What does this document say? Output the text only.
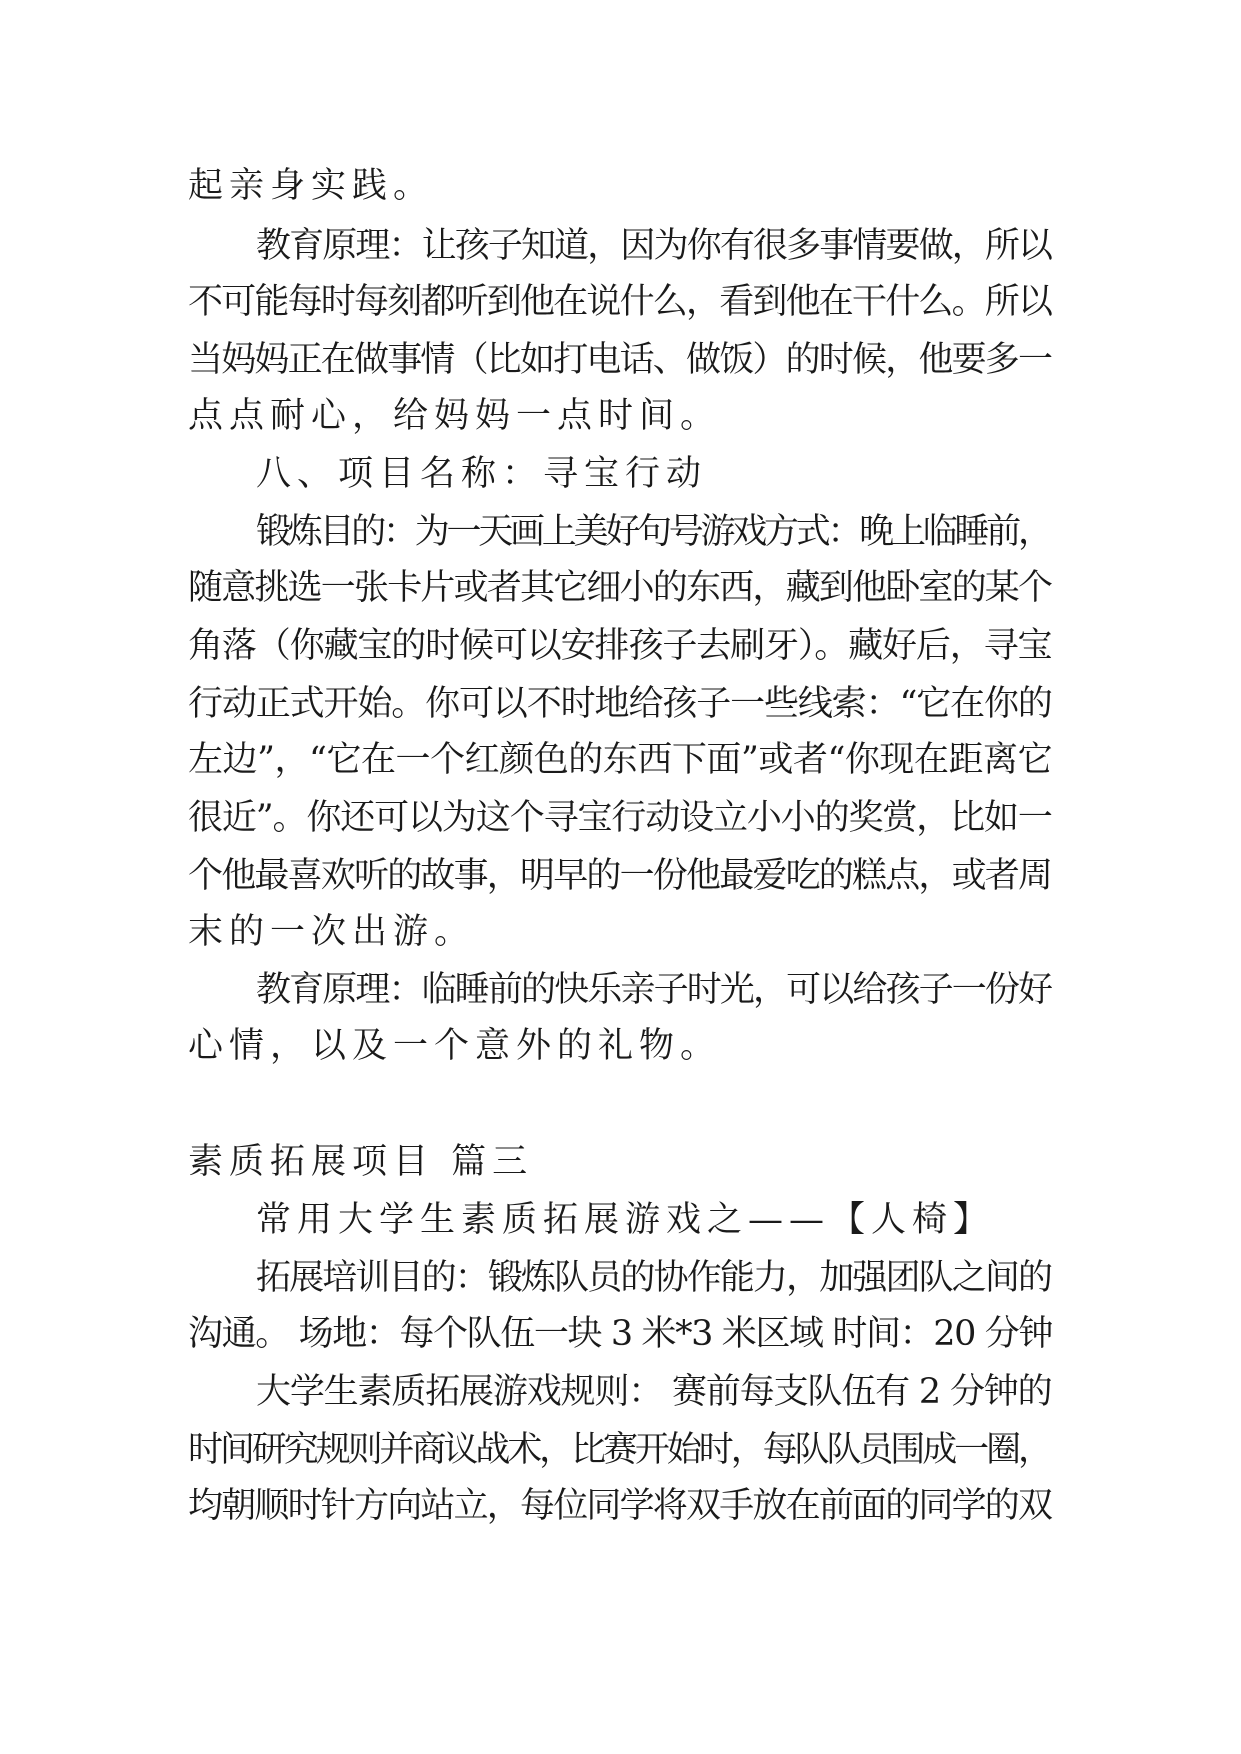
起亲身实践。
教育原理：让孩子知道，因为你有很多事情要做，所以
不可能每时每刻都听到他在说什么，看到他在干什么。所以
当妈妈正在做事情（比如打电话、做饭）的时候，他要多一
点点耐心，给妈妈一点时间。
八、项目名称：寻宝行动
锻炼目的：为一天画上美好句号游戏方式：晚上临睡前，
随意挑选一张卡片或者其它细小的东西，藏到他卧室的某个
角落（你藏宝的时候可以安排孩子去刷牙）。藏好后，寻宝
行动正式开始。你可以不时地给孩子一些线索：“它在你的
左边”，“它在一个红颜色的东西下面”或者“你现在距离它
很近”。你还可以为这个寻宝行动设立小小的奖赏，比如一
个他最喜欢听的故事，明早的一份他最爱吃的糕点，或者周
末的一次出游。
教育原理：临睡前的快乐亲子时光，可以给孩子一份好
心情，以及一个意外的礼物。
素质拓展项目 篇三
常用大学生素质拓展游戏之——【人椅】
拓展培训目的：锻炼队员的协作能力，加强团队之间的
沟通。 场地：每个队伍一块 3 米*3 米区域 时间：20 分钟
大学生素质拓展游戏规则： 赛前每支队伍有 2 分钟的
时间研究规则并商议战术，比赛开始时，每队队员围成一圈，
均朝顺时针方向站立，每位同学将双手放在前面的同学的双
